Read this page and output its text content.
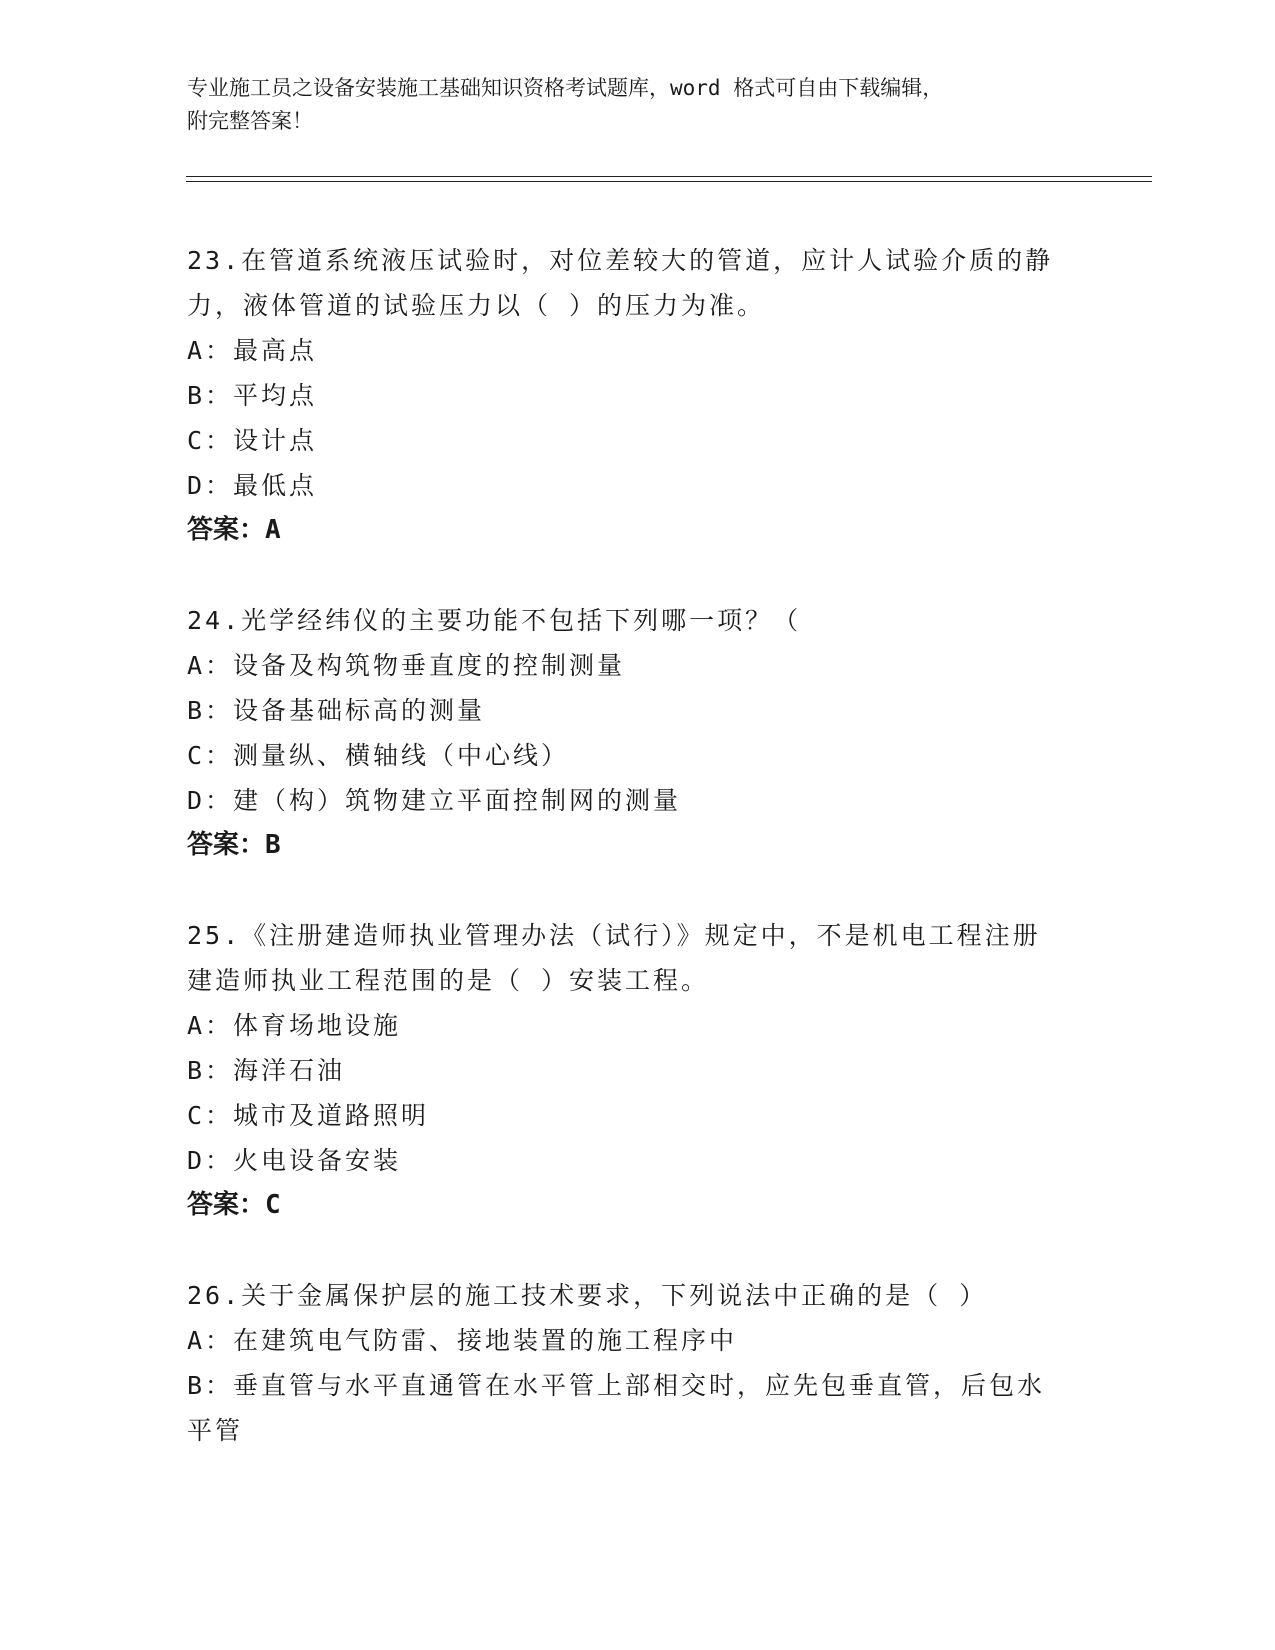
专业施工员之设备安装施工基础知识资格考试题库，word 格式可自由下载编辑，
附完整答案！
23.在管道系统液压试验时，对位差较大的管道，应计人试验介质的静
力，液体管道的试验压力以（ ）的压力为准。
A：最高点
B：平均点
C：设计点
D：最低点
答案：A
24.光学经纬仪的主要功能不包括下列哪一项？（
A：设备及构筑物垂直度的控制测量
B：设备基础标高的测量
C：测量纵、横轴线（中心线）
D：建（构）筑物建立平面控制网的测量
答案：B
25.《注册建造师执业管理办法（试行）》规定中，不是机电工程注册
建造师执业工程范围的是（ ）安装工程。
A：体育场地设施
B：海洋石油
C：城市及道路照明
D：火电设备安装
答案：C
26.关于金属保护层的施工技术要求，下列说法中正确的是（ ）
A：在建筑电气防雷、接地装置的施工程序中
B：垂直管与水平直通管在水平管上部相交时，应先包垂直管，后包水
平管
